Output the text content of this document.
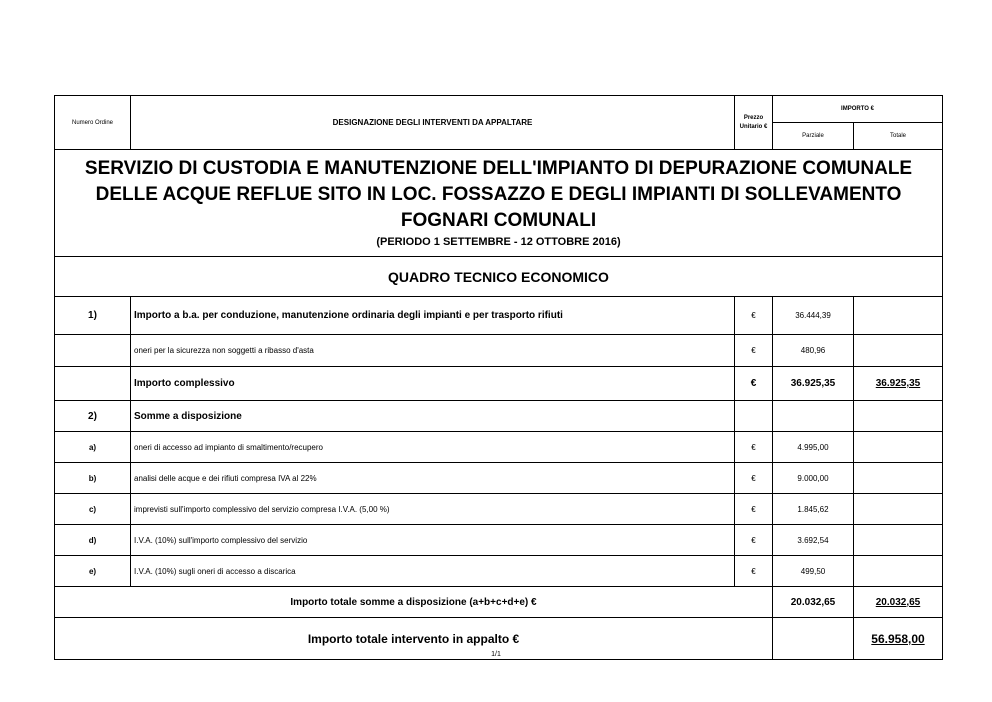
Numero Ordine	DESIGNAZIONE DEGLI INTERVENTI DA APPALTARE	Prezzo Unitario €	IMPORTO €	
			Parziale	Totale

SERVIZIO DI CUSTODIA E MANUTENZIONE DELL'IMPIANTO DI DEPURAZIONE COMUNALE DELLE ACQUE REFLUE SITO IN LOC. FOSSAZZO E DEGLI IMPIANTI DI SOLLEVAMENTO FOGNARI COMUNALI
(PERIODO 1 SETTEMBRE - 12 OTTOBRE 2016)				

QUADRO TECNICO ECONOMICO				
1)	Importo a b.a. per conduzione, manutenzione ordinaria degli impianti e per trasporto rifiuti	€	36.444,39	
	oneri per la sicurezza non soggetti a ribasso d'asta	€	480,96	
	Importo complessivo	€	36.925,35	36.925,35
2)	Somme a disposizione			
a)	oneri di accesso ad impianto di smaltimento/recupero	€	4.995,00	
b)	analisi delle acque e dei rifiuti compresa IVA al 22%	€	9.000,00	
c)	imprevisti sull'importo complessivo del servizio compresa I.V.A. (5,00 %)	€	1.845,62	
d)	I.V.A. (10%) sull'importo complessivo del servizio	€	3.692,54	
e)	I.V.A. (10%) sugli oneri di accesso a discarica	€	499,50	
Importo totale somme a disposizione (a+b+c+d+e) €			20.032,65	20.032,65
Importo totale intervento in appalto €				56.958,00
1/1
